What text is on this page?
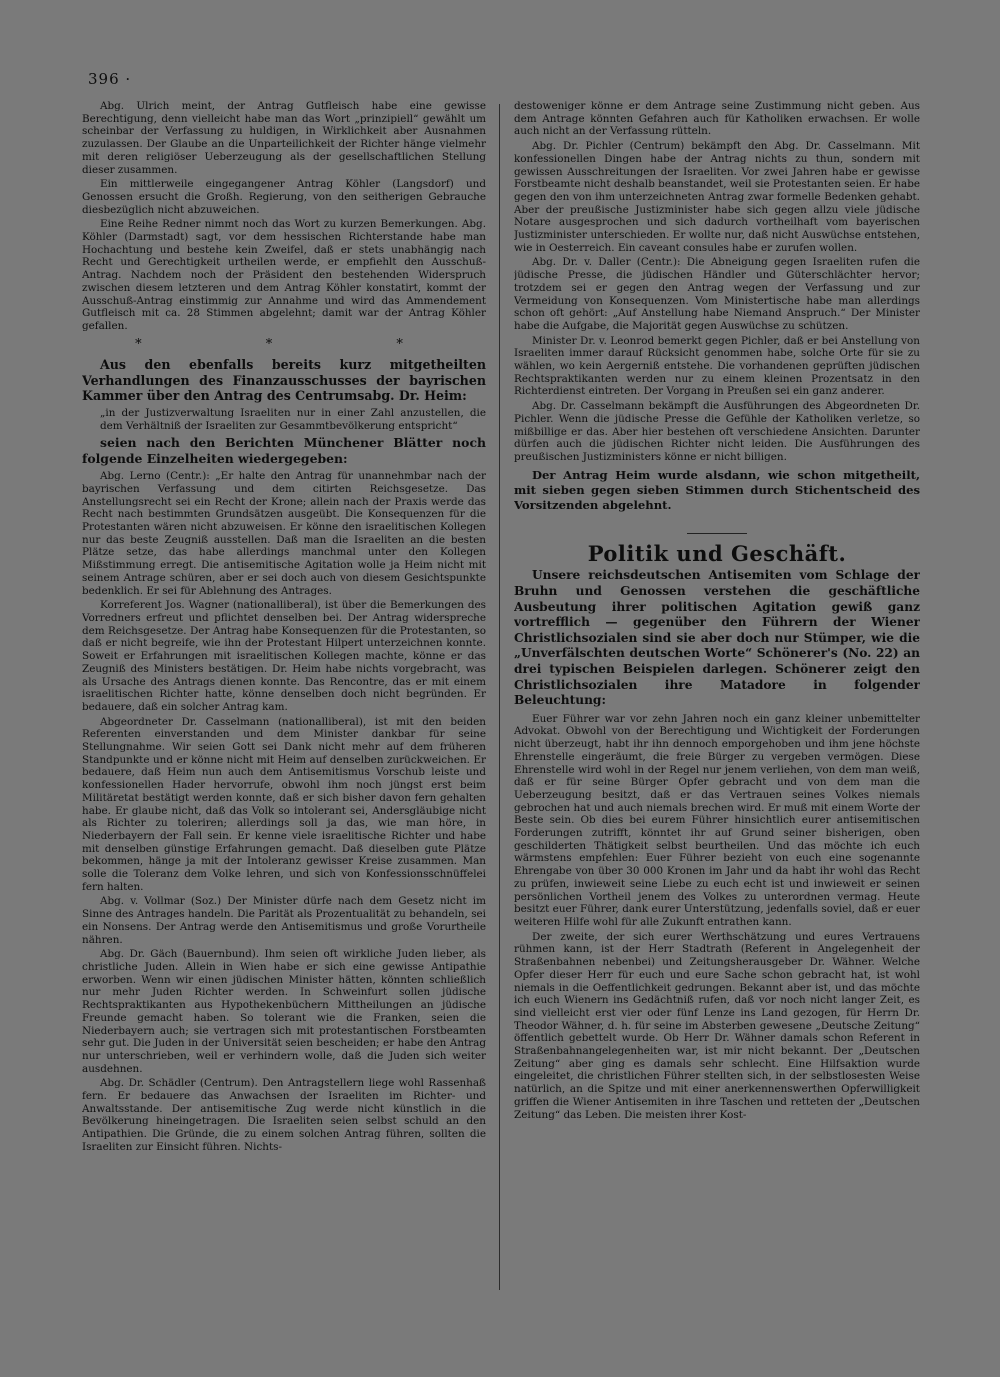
396 ·

Abg. Ulrich meint, der Antrag Gutfleisch habe eine gewisse Berechtigung, denn vielleicht habe man das Wort „prinzipiell“ gewählt um scheinbar der Verfassung zu huldigen, in Wirklichkeit aber Ausnahmen zuzulassen. Der Glaube an die Unparteilichkeit der Richter hänge vielmehr mit deren religiöser Ueberzeugung als der gesellschaftlichen Stellung dieser zusammen.

Ein mittlerweile eingegangener Antrag Köhler (Langsdorf) und Genossen ersucht die Großh. Regierung, von den seitherigen Gebrauche diesbezüglich nicht abzuweichen.

Eine Reihe Redner nimmt noch das Wort zu kurzen Bemerkungen. Abg. Köhler (Darmstadt) sagt, vor dem hessischen Richterstande habe man Hochachtung und bestehe kein Zweifel, daß er stets unabhängig nach Recht und Gerechtigkeit urtheilen werde, er empfiehlt den Ausschuß-Antrag. Nachdem noch der Präsident den bestehenden Widerspruch zwischen diesem letzteren und dem Antrag Köhler konstatirt, kommt der Ausschuß-Antrag einstimmig zur Annahme und wird das Ammendement Gutfleisch mit ca. 28 Stimmen abgelehnt; damit war der Antrag Köhler gefallen.

* * *
Aus den ebenfalls bereits kurz mitgetheilten Verhandlungen des Finanzausschusses der bayrischen Kammer über den Antrag des Centrumsabg. Dr. Heim:
„in der Justizverwaltung Israeliten nur in einer Zahl anzustellen, die dem Verhältniß der Israeliten zur Gesammtbevölkerung entspricht“
seien nach den Berichten Münchener Blätter noch folgende Einzelheiten wiedergegeben:

Abg. Lerno (Centr.): „Er halte den Antrag für unannehmbar nach der bayrischen Verfassung und dem citirten Reichsgesetze. Das Anstellungsrecht sei ein Recht der Krone; allein nach der Praxis werde das Recht nach bestimmten Grundsätzen ausgeübt. Die Konsequenzen für die Protestanten wären nicht abzuweisen. Er könne den israelitischen Kollegen nur das beste Zeugniß ausstellen. Daß man die Israeliten an die besten Plätze setze, das habe allerdings manchmal unter den Kollegen Mißstimmung erregt. Die antisemitische Agitation wolle ja Heim nicht mit seinem Antrage schüren, aber er sei doch auch von diesem Gesichtspunkte bedenklich. Er sei für Ablehnung des Antrages.

Korreferent Jos. Wagner (nationalliberal), ist über die Bemerkungen des Vorredners erfreut und pflichtet denselben bei. Der Antrag widerspreche dem Reichsgesetze. Der Antrag habe Konsequenzen für die Protestanten, so daß er nicht begreife, wie ihn der Protestant Hilpert unterzeichnen konnte. Soweit er Erfahrungen mit israelitischen Kollegen machte, könne er das Zeugniß des Ministers bestätigen. Dr. Heim habe nichts vorgebracht, was als Ursache des Antrags dienen konnte. Das Rencontre, das er mit einem israelitischen Richter hatte, könne denselben doch nicht begründen. Er bedauere, daß ein solcher Antrag kam.

Abgeordneter Dr. Casselmann (nationalliberal), ist mit den beiden Referenten einverstanden und dem Minister dankbar für seine Stellungnahme. Wir seien Gott sei Dank nicht mehr auf dem früheren Standpunkte und er könne nicht mit Heim auf denselben zurückweichen. Er bedauere, daß Heim nun auch dem Antisemitismus Vorschub leiste und konfessionellen Hader hervorrufe, obwohl ihm noch jüngst erst beim Militäretat bestätigt werden konnte, daß er sich bisher davon fern gehalten habe. Er glaube nicht, daß das Volk so intolerant sei, Andersgläubige nicht als Richter zu toleriren; allerdings soll ja das, wie man höre, in Niederbayern der Fall sein. Er kenne viele israelitische Richter und habe mit denselben günstige Erfahrungen gemacht. Daß dieselben gute Plätze bekommen, hänge ja mit der Intoleranz gewisser Kreise zusammen. Man solle die Toleranz dem Volke lehren, und sich von Konfessionsschnüffelei fern halten.

Abg. v. Vollmar (Soz.) Der Minister dürfe nach dem Gesetz nicht im Sinne des Antrages handeln. Die Parität als Prozentualität zu behandeln, sei ein Nonsens. Der Antrag werde den Antisemitismus und große Vorurtheile nähren.

Abg. Dr. Gäch (Bauernbund). Ihm seien oft wirkliche Juden lieber, als christliche Juden. Allein in Wien habe er sich eine gewisse Antipathie erworben. Wenn wir einen jüdischen Minister hätten, könnten schließlich nur mehr Juden Richter werden. In Schweinfurt sollen jüdische Rechtspraktikanten aus Hypothekenbüchern Mittheilungen an jüdische Freunde gemacht haben. So tolerant wie die Franken, seien die Niederbayern auch; sie vertragen sich mit protestantischen Forstbeamten sehr gut. Die Juden in der Universität seien bescheiden; er habe den Antrag nur unterschrieben, weil er verhindern wolle, daß die Juden sich weiter ausdehnen.

Abg. Dr. Schädler (Centrum). Den Antragstellern liege wohl Rassenhaß fern. Er bedauere das Anwachsen der Israeliten im Richter- und Anwaltsstande. Der antisemitische Zug werde nicht künstlich in die Bevölkerung hineingetragen. Die Israeliten seien selbst schuld an den Antipathien. Die Gründe, die zu einem solchen Antrag führen, sollten die Israeliten zur Einsicht führen. Nichts-

destoweniger könne er dem Antrage seine Zustimmung nicht geben. Aus dem Antrage könnten Gefahren auch für Katholiken erwachsen. Er wolle auch nicht an der Verfassung rütteln.

Abg. Dr. Pichler (Centrum) bekämpft den Abg. Dr. Casselmann. Mit konfessionellen Dingen habe der Antrag nichts zu thun, sondern mit gewissen Ausschreitungen der Israeliten. Vor zwei Jahren habe er gewisse Forstbeamte nicht deshalb beanstandet, weil sie Protestanten seien. Er habe gegen den von ihm unterzeichneten Antrag zwar formelle Bedenken gehabt. Aber der preußische Justizminister habe sich gegen allzu viele jüdische Notare ausgesprochen und sich dadurch vortheilhaft vom bayerischen Justizminister unterschieden. Er wollte nur, daß nicht Auswüchse entstehen, wie in Oesterreich. Ein caveant consules habe er zurufen wollen.

Abg. Dr. v. Daller (Centr.): Die Abneigung gegen Israeliten rufen die jüdische Presse, die jüdischen Händler und Güterschlächter hervor; trotzdem sei er gegen den Antrag wegen der Verfassung und zur Vermeidung von Konsequenzen. Vom Ministertische habe man allerdings schon oft gehört: „Auf Anstellung habe Niemand Anspruch.“ Der Minister habe die Aufgabe, die Majorität gegen Auswüchse zu schützen.

Minister Dr. v. Leonrod bemerkt gegen Pichler, daß er bei Anstellung von Israeliten immer darauf Rücksicht genommen habe, solche Orte für sie zu wählen, wo kein Aergerniß entstehe. Die vorhandenen geprüften jüdischen Rechtspraktikanten werden nur zu einem kleinen Prozentsatz in den Richterdienst eintreten. Der Vorgang in Preußen sei ein ganz anderer.

Abg. Dr. Casselmann bekämpft die Ausführungen des Abgeordneten Dr. Pichler. Wenn die jüdische Presse die Gefühle der Katholiken verletze, so mißbillige er das. Aber hier bestehen oft verschiedene Ansichten. Darunter dürfen auch die jüdischen Richter nicht leiden. Die Ausführungen des preußischen Justizministers könne er nicht billigen.

Der Antrag Heim wurde alsdann, wie schon mitgetheilt, mit sieben gegen sieben Stimmen durch Stichentscheid des Vorsitzenden abgelehnt.
Politik und Geschäft.
Unsere reichsdeutschen Antisemiten vom Schlage der Bruhn und Genossen verstehen die geschäftliche Ausbeutung ihrer politischen Agitation gewiß ganz vortrefflich — gegenüber den Führern der Wiener Christlichsozialen sind sie aber doch nur Stümper, wie die „Unverfälschten deutschen Worte“ Schönerer's (No. 22) an drei typischen Beispielen darlegen. Schönerer zeigt den Christlichsozialen ihre Matadore in folgender Beleuchtung:

Euer Führer war vor zehn Jahren noch ein ganz kleiner unbemittelter Advokat. Obwohl von der Berechtigung und Wichtigkeit der Forderungen nicht überzeugt, habt ihr ihn dennoch emporgehoben und ihm jene höchste Ehrenstelle eingeräumt, die freie Bürger zu vergeben vermögen. Diese Ehrenstelle wird wohl in der Regel nur jenem verliehen, von dem man weiß, daß er für seine Bürger Opfer gebracht und von dem man die Ueberzeugung besitzt, daß er das Vertrauen seines Volkes niemals gebrochen hat und auch niemals brechen wird. Er muß mit einem Worte der Beste sein. Ob dies bei eurem Führer hinsichtlich eurer antisemitischen Forderungen zutrifft, könntet ihr auf Grund seiner bisherigen, oben geschilderten Thätigkeit selbst beurtheilen. Und das möchte ich euch wärmstens empfehlen: Euer Führer bezieht von euch eine sogenannte Ehrengabe von über 30 000 Kronen im Jahr und da habt ihr wohl das Recht zu prüfen, inwieweit seine Liebe zu euch echt ist und inwieweit er seinen persönlichen Vortheil jenem des Volkes zu unterordnen vermag. Heute besitzt euer Führer, dank eurer Unterstützung, jedenfalls soviel, daß er euer weiteren Hilfe wohl für alle Zukunft entrathen kann.

Der zweite, der sich eurer Werthschätzung und eures Vertrauens rühmen kann, ist der Herr Stadtrath (Referent in Angelegenheit der Straßenbahnen nebenbei) und Zeitungsherausgeber Dr. Wähner. Welche Opfer dieser Herr für euch und eure Sache schon gebracht hat, ist wohl niemals in die Oeffentlichkeit gedrungen. Bekannt aber ist, und das möchte ich euch Wienern ins Gedächtniß rufen, daß vor noch nicht langer Zeit, es sind vielleicht erst vier oder fünf Lenze ins Land gezogen, für Herrn Dr. Theodor Wähner, d. h. für seine im Absterben gewesene „Deutsche Zeitung“ öffentlich gebettelt wurde. Ob Herr Dr. Wähner damals schon Referent in Straßenbahnangelegenheiten war, ist mir nicht bekannt. Der „Deutschen Zeitung“ aber ging es damals sehr schlecht. Eine Hilfsaktion wurde eingeleitet, die christlichen Führer stellten sich, in der selbstlosesten Weise natürlich, an die Spitze und mit einer anerkennenswerthen Opferwilligkeit griffen die Wiener Antisemiten in ihre Taschen und retteten der „Deutschen Zeitung“ das Leben. Die meisten ihrer Kost-
